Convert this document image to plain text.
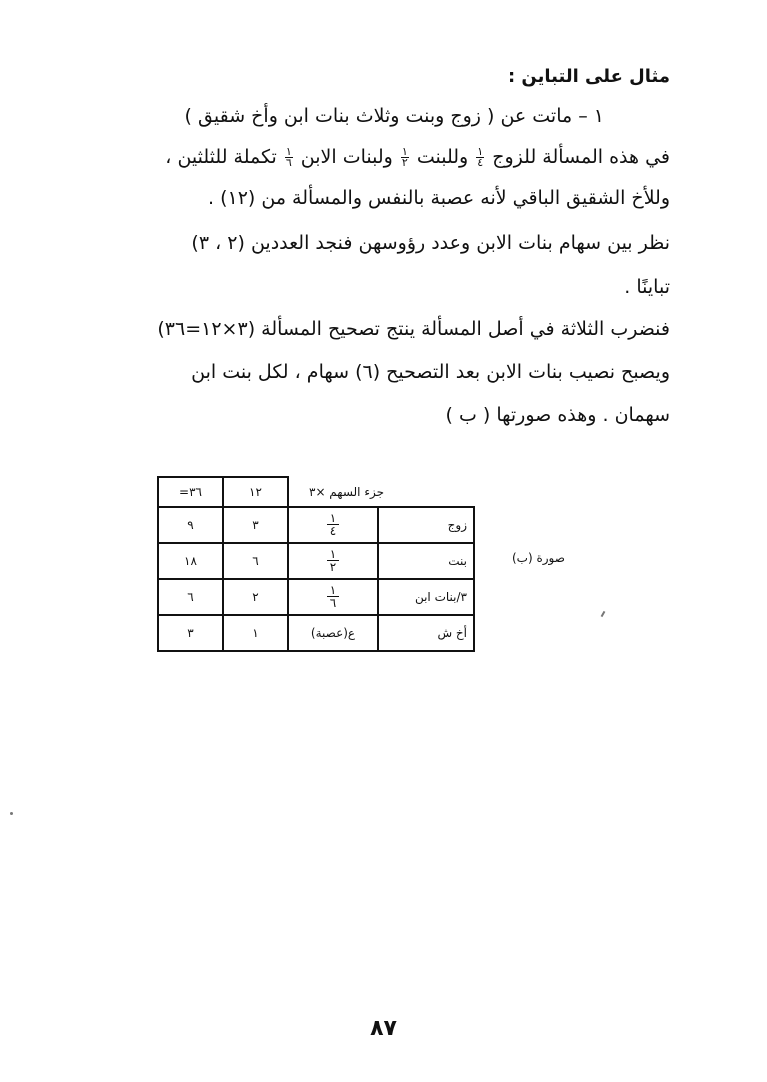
مثال على التباين :
١ – ماتت عن ( زوج وبنت وثلاث بنات ابن وأخ شقيق )
في هذه المسألة للزوج
$\frac{١}{٤}$
وللبنت
$\frac{١}{٢}$
ولبنات الابن
$\frac{١}{٦}$
تكملة للثلثين ،
وللأخ الشقيق الباقي لأنه عصبة بالنفس والمسألة من (١٢) .
نظر بين سهام بنات الابن وعدد رؤوسهن فنجد العددين (٢ ، ٣)
تباينًا .
فنضرب الثلاثة في أصل المسألة ينتج تصحيح المسألة (٣×١٢=٣٦)
ويصبح نصيب بنات الابن بعد التصحيح (٦) سهام ، لكل بنت ابن
سهمان . وهذه صورتها ( ب )
=٣٦	١٢	جزء السهم ×٣	
٩	٣	$\frac{١}{٤}$	زوج
١٨	٦	$\frac{١}{٢}$	بنت
٦	٢	$\frac{١}{٦}$	٣/بنات ابن
٣	١	ع(عصبة)	أخ ش
صورة (ب)
٨٧
